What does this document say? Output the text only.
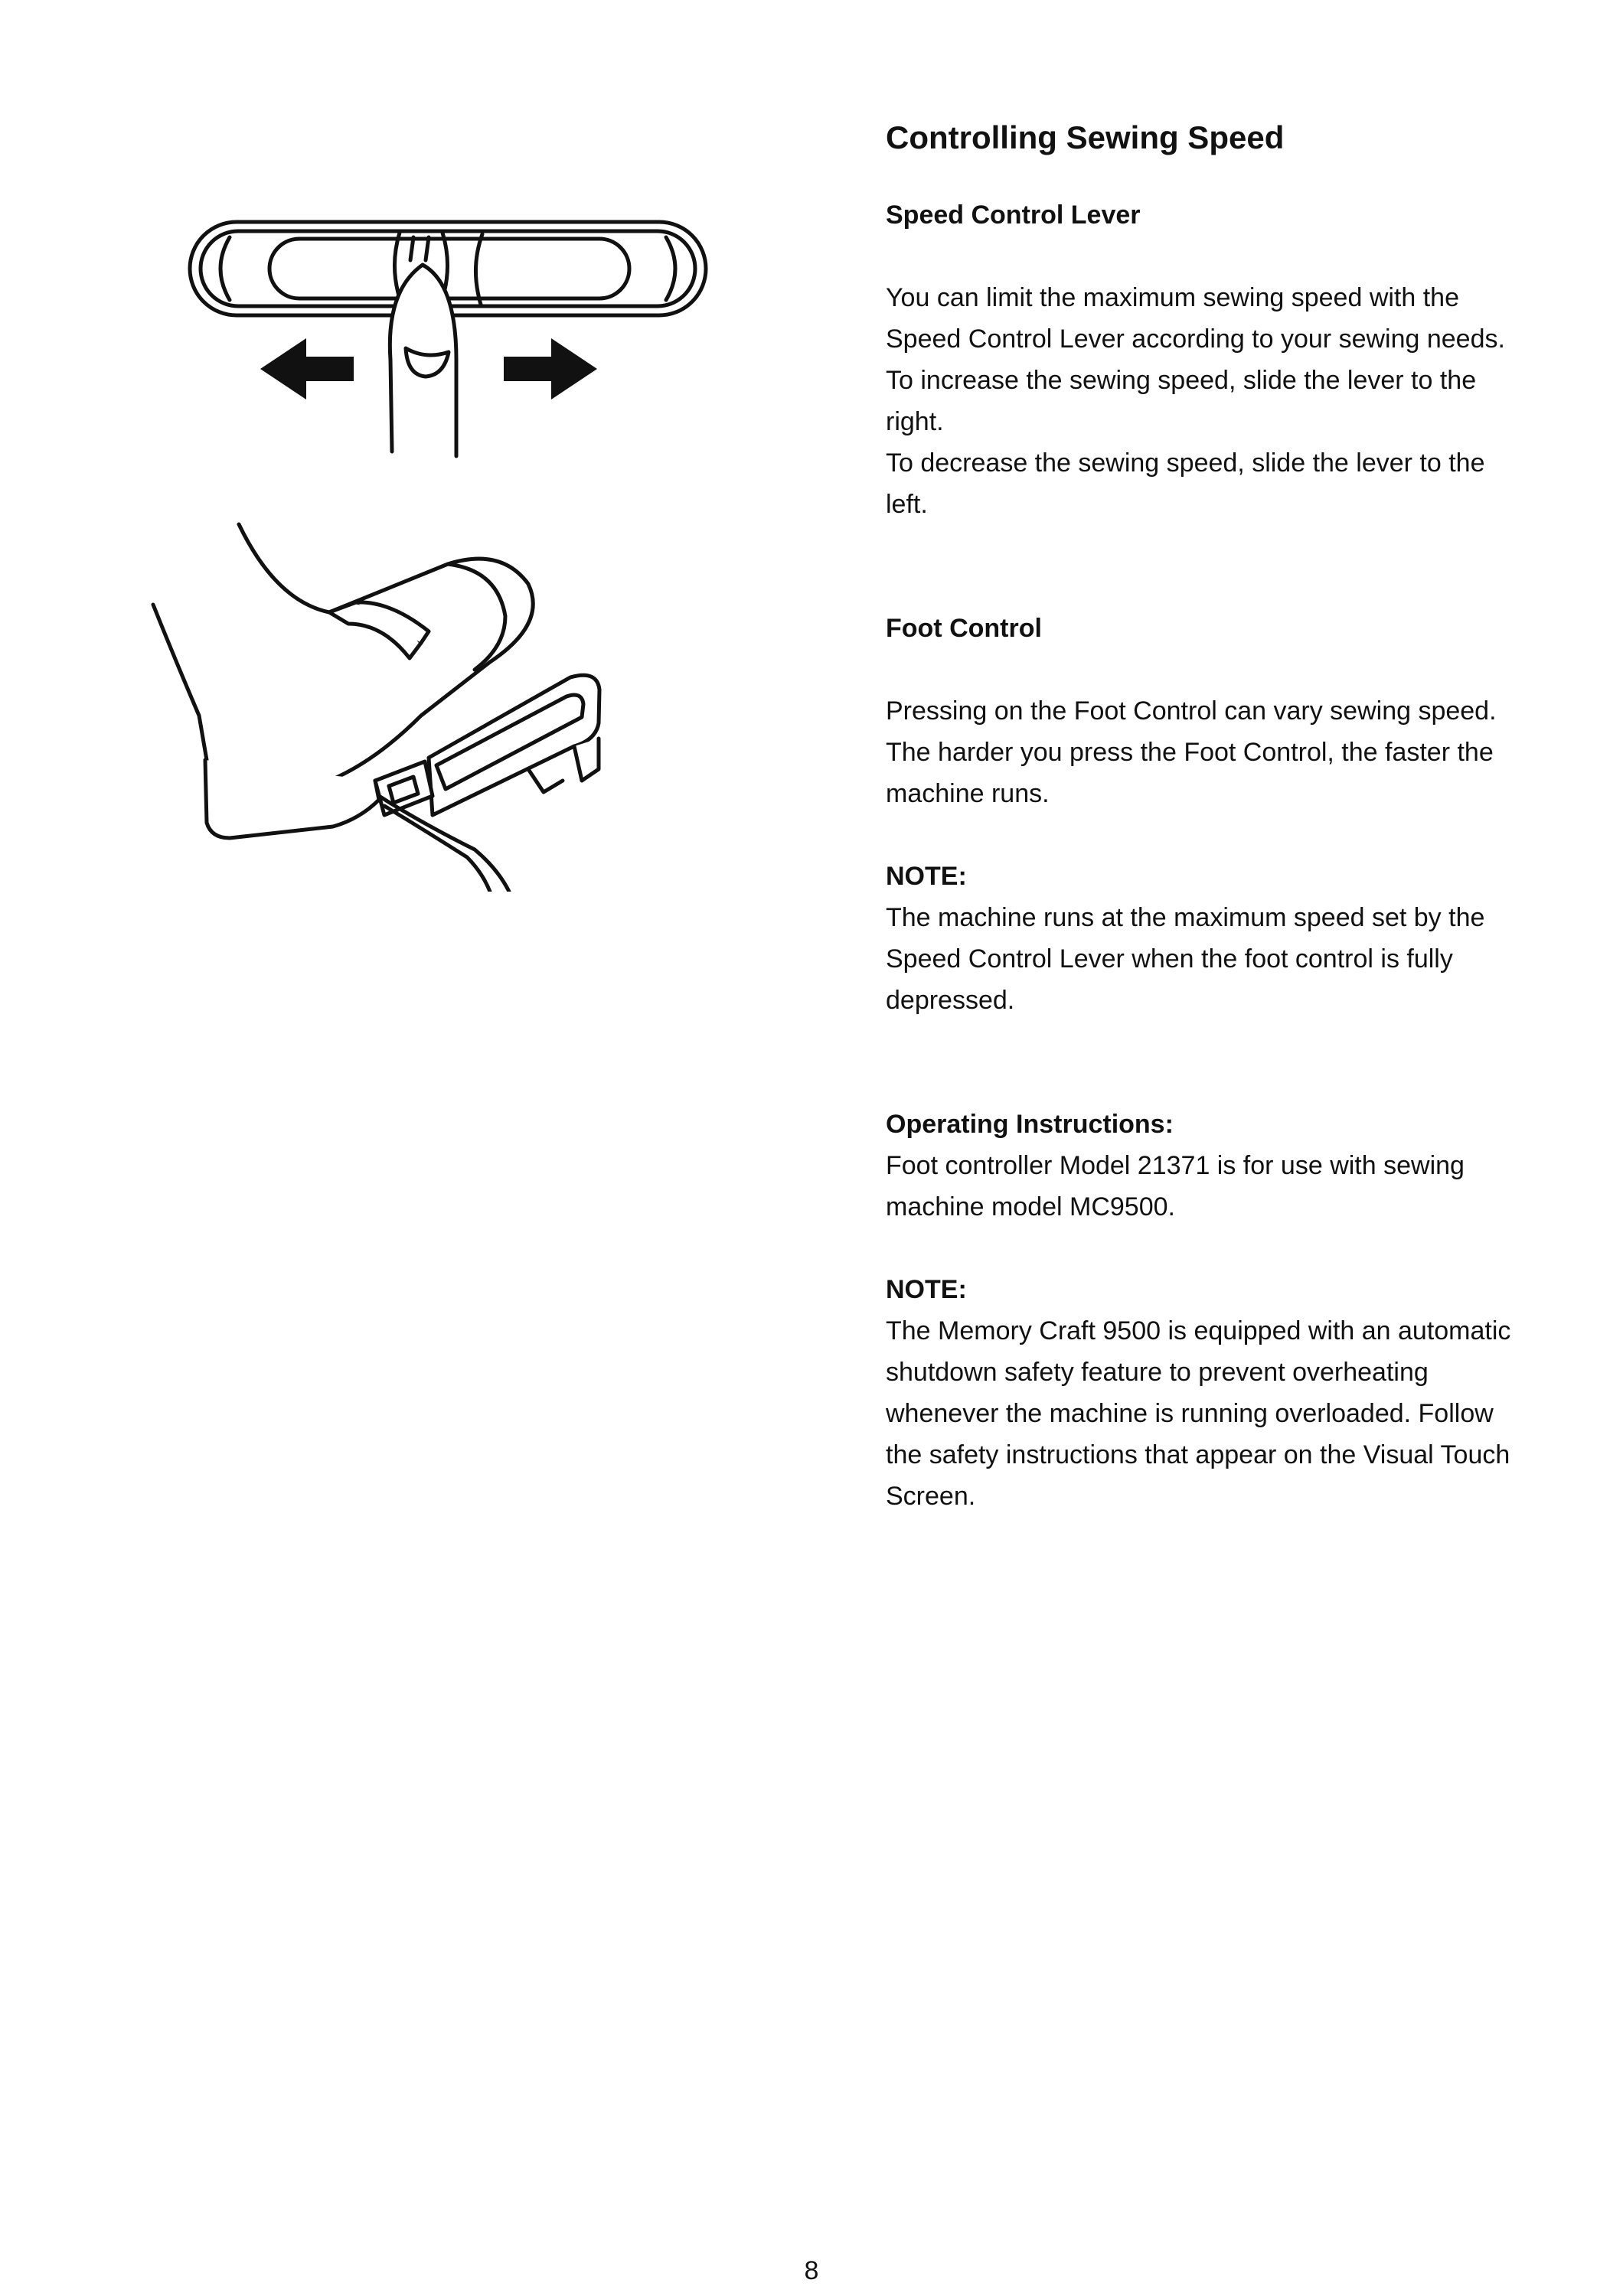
Controlling Sewing Speed
Speed Control Lever

You can limit the maximum sewing speed with the

Speed Control Lever according to your sewing needs.

To increase the sewing speed, slide the lever to the

right.

To decrease the sewing speed, slide the lever to the

left.

Foot Control

Pressing on the Foot Control can vary sewing speed.

The harder you press the Foot Control, the faster the

machine runs.

NOTE:

The machine runs at the maximum speed set by the

Speed Control Lever when the foot control is fully

depressed.

Operating Instructions:

Foot controller Model 21371 is for use with sewing

machine model MC9500.

NOTE:

The Memory Craft 9500 is equipped with an automatic

shutdown safety feature to prevent overheating

whenever the machine is running overloaded. Follow

the safety instructions that appear on the Visual Touch

Screen.

8
